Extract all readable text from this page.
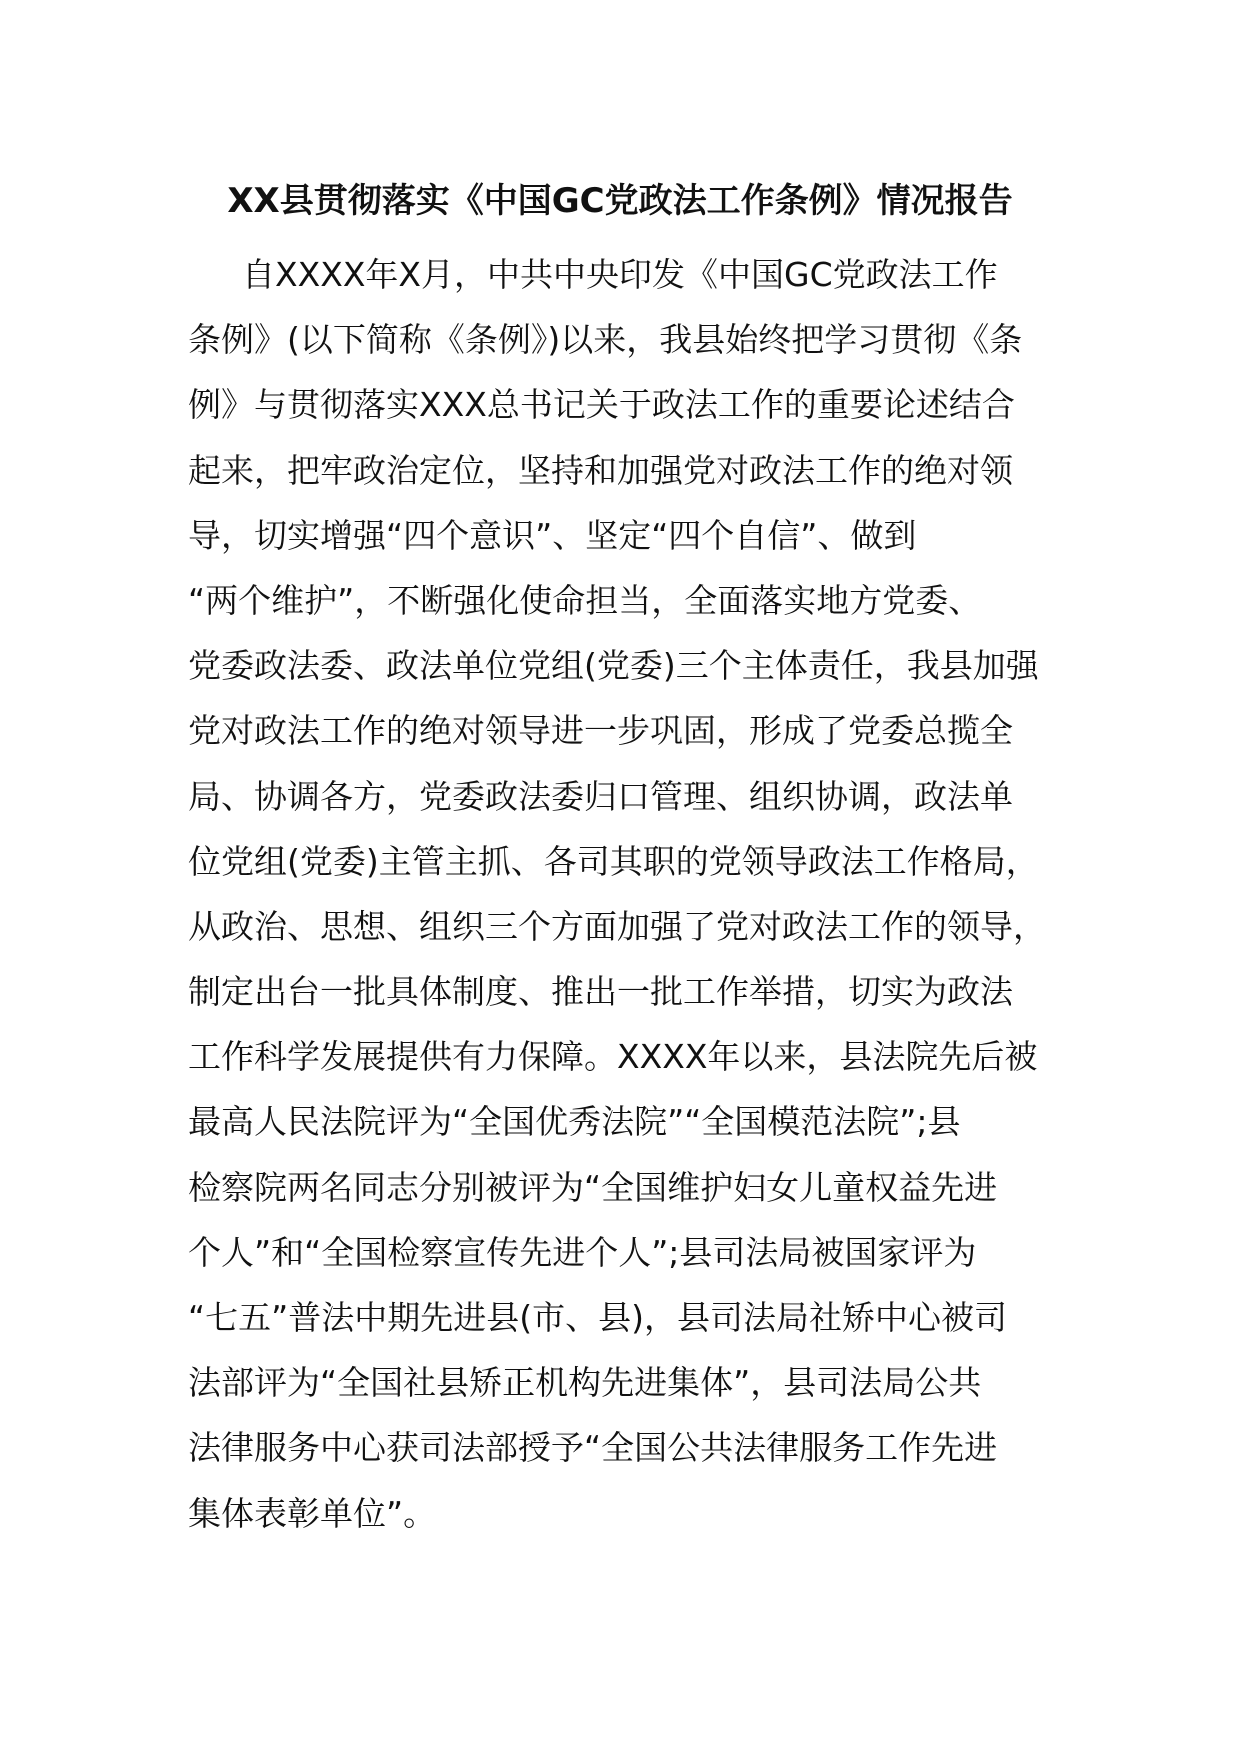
XX县贯彻落实《中国GC党政法工作条例》情况报告
自XXXX年X月，中共中央印发《中国GC党政法工作
条例》(以下简称《条例》)以来，我县始终把学习贯彻《条
例》与贯彻落实XXX总书记关于政法工作的重要论述结合
起来，把牢政治定位，坚持和加强党对政法工作的绝对领
导，切实增强“四个意识”、坚定“四个自信”、做到
“两个维护”，不断强化使命担当，全面落实地方党委、
党委政法委、政法单位党组(党委)三个主体责任，我县加强
党对政法工作的绝对领导进一步巩固，形成了党委总揽全
局、协调各方，党委政法委归口管理、组织协调，政法单
位党组(党委)主管主抓、各司其职的党领导政法工作格局，
从政治、思想、组织三个方面加强了党对政法工作的领导，
制定出台一批具体制度、推出一批工作举措，切实为政法
工作科学发展提供有力保障。XXXX年以来，县法院先后被
最高人民法院评为“全国优秀法院”“全国模范法院”;县
检察院两名同志分别被评为“全国维护妇女儿童权益先进
个人”和“全国检察宣传先进个人”;县司法局被国家评为
“七五”普法中期先进县(市、县)，县司法局社矫中心被司
法部评为“全国社县矫正机构先进集体”，县司法局公共
法律服务中心获司法部授予“全国公共法律服务工作先进
集体表彰单位”。
